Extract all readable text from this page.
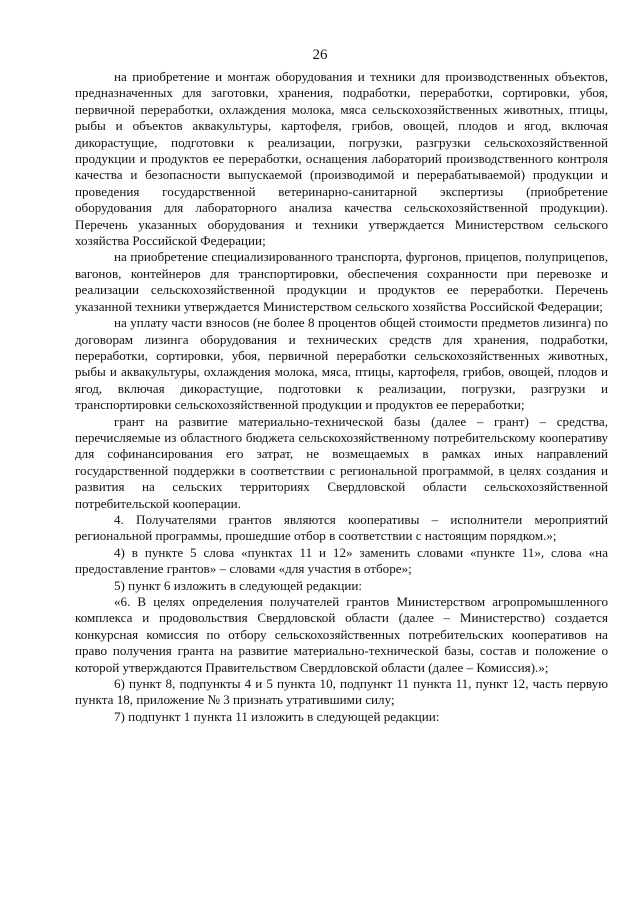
26

на приобретение и монтаж оборудования и техники для производственных объектов, предназначенных для заготовки, хранения, подработки, переработки, сортировки, убоя, первичной переработки, охлаждения молока, мяса сельскохозяйственных животных, птицы, рыбы и объектов аквакультуры, картофеля, грибов, овощей, плодов и ягод, включая дикорастущие, подготовки к реализации, погрузки, разгрузки сельскохозяйственной продукции и продуктов ее переработки, оснащения лабораторий производственного контроля качества и безопасности выпускаемой (производимой и перерабатываемой) продукции и проведения государственной ветеринарно-санитарной экспертизы (приобретение оборудования для лабораторного анализа качества сельскохозяйственной продукции). Перечень указанных оборудования и техники утверждается Министерством сельского хозяйства Российской Федерации;

на приобретение специализированного транспорта, фургонов, прицепов, полуприцепов, вагонов, контейнеров для транспортировки, обеспечения сохранности при перевозке и реализации сельскохозяйственной продукции и продуктов ее переработки. Перечень указанной техники утверждается Министерством сельского хозяйства Российской Федерации;

на уплату части взносов (не более 8 процентов общей стоимости предметов лизинга) по договорам лизинга оборудования и технических средств для хранения, подработки, переработки, сортировки, убоя, первичной переработки сельскохозяйственных животных, рыбы и аквакультуры, охлаждения молока, мяса, птицы, картофеля, грибов, овощей, плодов и ягод, включая дикорастущие, подготовки к реализации, погрузки, разгрузки и транспортировки сельскохозяйственной продукции и продуктов ее переработки;

грант на развитие материально-технической базы (далее – грант) – средства, перечисляемые из областного бюджета сельскохозяйственному потребительскому кооперативу для софинансирования его затрат, не возмещаемых в рамках иных направлений государственной поддержки в соответствии с региональной программой, в целях создания и развития на сельских территориях Свердловской области сельскохозяйственной потребительской кооперации.

4. Получателями грантов являются кооперативы – исполнители мероприятий региональной программы, прошедшие отбор в соответствии с настоящим порядком.»;

4) в пункте 5 слова «пунктах 11 и 12» заменить словами «пункте 11», слова «на предоставление грантов» – словами «для участия в отборе»;

5) пункт 6 изложить в следующей редакции:

«6. В целях определения получателей грантов Министерством агропромышленного комплекса и продовольствия Свердловской области (далее – Министерство) создается конкурсная комиссия по отбору сельскохозяйственных потребительских кооперативов на право получения гранта на развитие материально-технической базы, состав и положение о которой утверждаются Правительством Свердловской области (далее – Комиссия).»;

6) пункт 8, подпункты 4 и 5 пункта 10, подпункт 11 пункта 11, пункт 12, часть первую пункта 18, приложение № 3 признать утратившими силу;

7) подпункт 1 пункта 11 изложить в следующей редакции:
